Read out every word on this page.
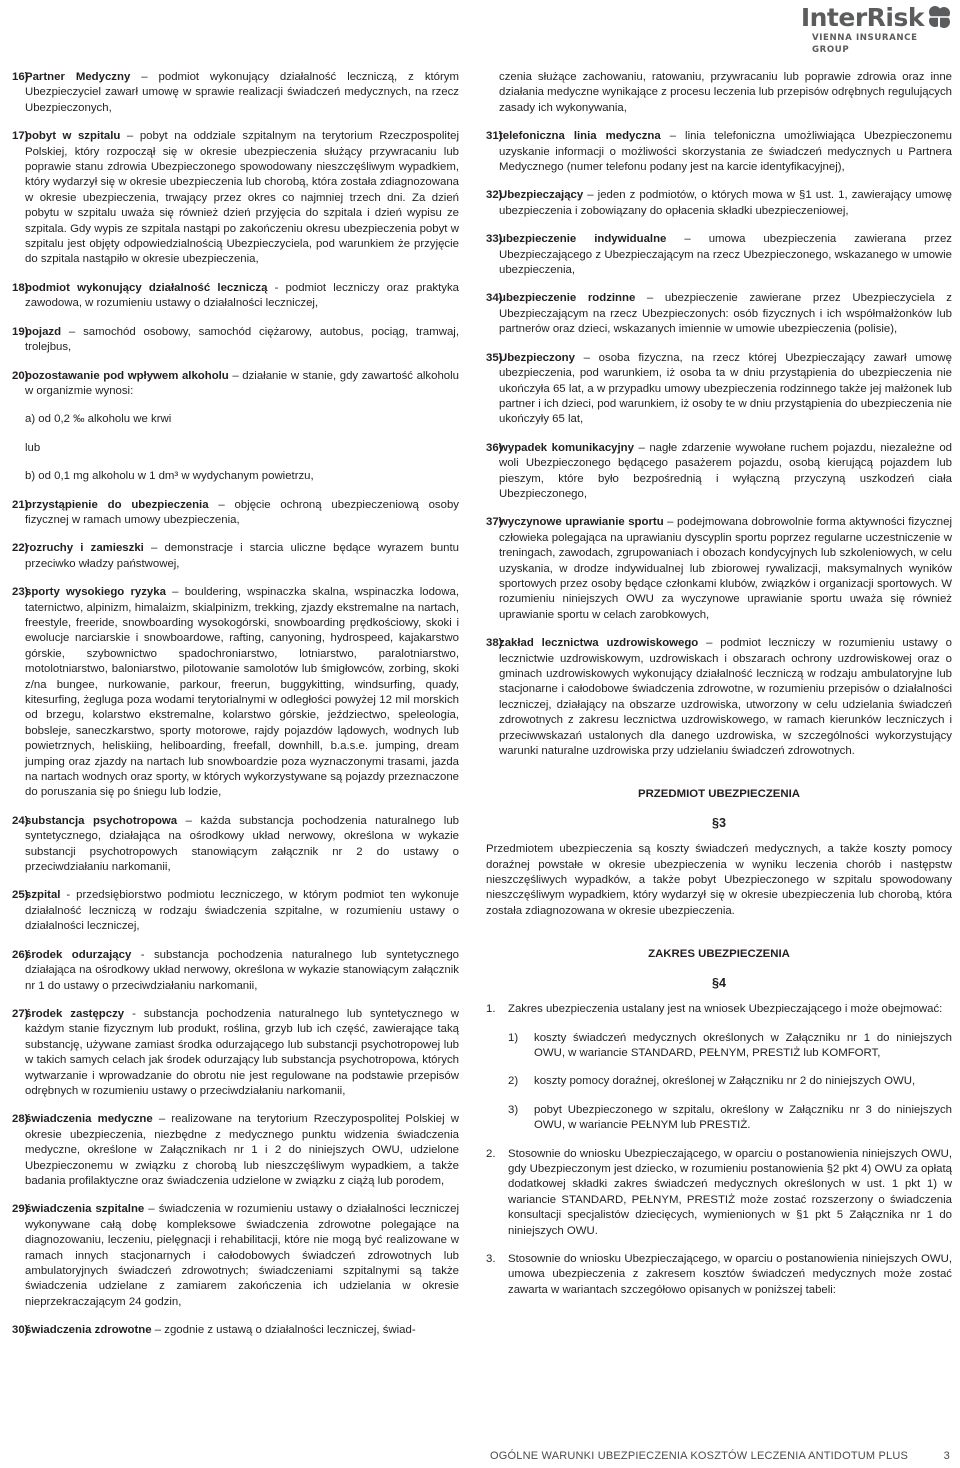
InterRisk
VIENNA INSURANCE GROUP

16)
Partner Medyczny – podmiot wykonujący działalność leczniczą, z którym Ubezpieczyciel zawarł umowę w sprawie realizacji świadczeń medycznych, na rzecz Ubezpieczonych,

17)
pobyt w szpitalu – pobyt na oddziale szpitalnym na terytorium Rzeczpospolitej Polskiej, który rozpoczął się w okresie ubezpieczenia służący przywracaniu lub poprawie stanu zdrowia Ubezpieczonego spowodowany nieszczęśliwym wypadkiem, który wydarzył się w okresie ubezpieczenia lub chorobą, która została zdiagnozowana w okresie ubezpieczenia, trwający przez okres co najmniej trzech dni. Za dzień pobytu w szpitalu uważa się również dzień przyjęcia do szpitala i dzień wypisu ze szpitala. Gdy wypis ze szpitala nastąpi po zakończeniu okresu ubezpieczenia pobyt w szpitalu jest objęty odpowiedzialnością Ubezpieczyciela, pod warunkiem że przyjęcie do szpitala nastąpiło w okresie ubezpieczenia,

18)
podmiot wykonujący działalność leczniczą - podmiot leczniczy oraz praktyka zawodowa, w rozumieniu ustawy o działalności leczniczej,

19)
pojazd – samochód osobowy, samochód ciężarowy, autobus, pociąg, tramwaj, trolejbus,

20)
pozostawanie pod wpływem alkoholu – działanie w stanie, gdy zawartość alkoholu w organizmie wynosi:

a) od 0,2 ‰ alkoholu we krwi

lub

b) od 0,1 mg alkoholu w 1 dm³ w wydychanym powietrzu,

21)
przystąpienie do ubezpieczenia – objęcie ochroną ubezpieczeniową osoby fizycznej w ramach umowy ubezpieczenia,

22)
rozruchy i zamieszki – demonstracje i starcia uliczne będące wyrazem buntu przeciwko władzy państwowej,

23)
sporty wysokiego ryzyka – bouldering, wspinaczka skalna, wspinaczka lodowa, taternictwo, alpinizm, himalaizm, skialpinizm, trekking, zjazdy ekstremalne na nartach, freestyle, freeride, snowboarding wysokogórski, snowboarding prędkościowy, skoki i ewolucje narciarskie i snowboardowe, rafting, canyoning, hydrospeed, kajakarstwo górskie, szybownictwo spadochroniarstwo, lotniarstwo, paralotniarstwo, motolotniarstwo, baloniarstwo, pilotowanie samolotów lub śmigłowców, zorbing, skoki z/na bungee, nurkowanie, parkour, freerun, buggykitting, windsurfing, quady, kitesurfing, żegluga poza wodami terytorialnymi w odległości powyżej 12 mil morskich od brzegu, kolarstwo ekstremalne, kolarstwo górskie, jeździectwo, speleologia, bobsleje, saneczkarstwo, sporty motorowe, rajdy pojazdów lądowych, wodnych lub powietrznych, heliskiing, heliboarding, freefall, downhill, b.a.s.e. jumping, dream jumping oraz zjazdy na nartach lub snowboardzie poza wyznaczonymi trasami, jazda na nartach wodnych oraz sporty, w których wykorzystywane są pojazdy przeznaczone do poruszania się po śniegu lub lodzie,

24)
substancja psychotropowa – każda substancja pochodzenia naturalnego lub syntetycznego, działająca na ośrodkowy układ nerwowy, określona w wykazie substancji psychotropowych stanowiącym załącznik nr 2 do ustawy o przeciwdziałaniu narkomanii,

25)
szpital - przedsiębiorstwo podmiotu leczniczego, w którym podmiot ten wykonuje działalność leczniczą w rodzaju świadczenia szpitalne, w rozumieniu ustawy o działalności leczniczej,

26)
środek odurzający - substancja pochodzenia naturalnego lub syntetycznego działająca na ośrodkowy układ nerwowy, określona w wykazie stanowiącym załącznik nr 1 do ustawy o przeciwdziałaniu narkomanii,

27)
środek zastępczy - substancja pochodzenia naturalnego lub syntetycznego w każdym stanie fizycznym lub produkt, roślina, grzyb lub ich część, zawierające taką substancję, używane zamiast środka odurzającego lub substancji psychotropowej lub w takich samych celach jak środek odurzający lub substancja psychotropowa, których wytwarzanie i wprowadzanie do obrotu nie jest regulowane na podstawie przepisów odrębnych w rozumieniu ustawy o przeciwdziałaniu narkomanii,

28)
świadczenia medyczne – realizowane na terytorium Rzeczypospolitej Polskiej w okresie ubezpieczenia, niezbędne z medycznego punktu widzenia świadczenia medyczne, określone w Załącznikach nr 1 i 2 do niniejszych OWU, udzielone Ubezpieczonemu w związku z chorobą lub nieszczęśliwym wypadkiem, a także badania profilaktyczne oraz świadczenia udzielone w związku z ciążą lub porodem,

29)
świadczenia szpitalne – świadczenia w rozumieniu ustawy o działalności leczniczej wykonywane całą dobę kompleksowe świadczenia zdrowotne polegające na diagnozowaniu, leczeniu, pielęgnacji i rehabilitacji, które nie mogą być realizowane w ramach innych stacjonarnych i całodobowych świadczeń zdrowotnych lub ambulatoryjnych świadczeń zdrowotnych; świadczeniami szpitalnymi są także świadczenia udzielane z zamiarem zakończenia ich udzielania w okresie nieprzekraczającym 24 godzin,

30)
świadczenia zdrowotne – zgodnie z ustawą o działalności leczniczej, świad-

czenia służące zachowaniu, ratowaniu, przywracaniu lub poprawie zdrowia oraz inne działania medyczne wynikające z procesu leczenia lub przepisów odrębnych regulujących zasady ich wykonywania,

31)
telefoniczna linia medyczna – linia telefoniczna umożliwiająca Ubezpieczonemu uzyskanie informacji o możliwości skorzystania ze świadczeń medycznych u Partnera Medycznego (numer telefonu podany jest na karcie identyfikacyjnej),

32)
Ubezpieczający – jeden z podmiotów, o których mowa w §1 ust. 1, zawierający umowę ubezpieczenia i zobowiązany do opłacenia składki ubezpieczeniowej,

33)
ubezpieczenie indywidualne – umowa ubezpieczenia zawierana przez Ubezpieczającego z Ubezpieczającym na rzecz Ubezpieczonego, wskazanego w umowie ubezpieczenia,

34)
ubezpieczenie rodzinne – ubezpieczenie zawierane przez Ubezpieczyciela z Ubezpieczającym na rzecz Ubezpieczonych: osób fizycznych i ich współmałżonków lub partnerów oraz dzieci, wskazanych imiennie w umowie ubezpieczenia (polisie),

35)
Ubezpieczony – osoba fizyczna, na rzecz której Ubezpieczający zawarł umowę ubezpieczenia, pod warunkiem, iż osoba ta w dniu przystąpienia do ubezpieczenia nie ukończyła 65 lat, a w przypadku umowy ubezpieczenia rodzinnego także jej małżonek lub partner i ich dzieci, pod warunkiem, iż osoby te w dniu przystąpienia do ubezpieczenia nie ukończyły 65 lat,

36)
wypadek komunikacyjny – nagłe zdarzenie wywołane ruchem pojazdu, niezależne od woli Ubezpieczonego będącego pasażerem pojazdu, osobą kierującą pojazdem lub pieszym, które było bezpośrednią i wyłączną przyczyną uszkodzeń ciała Ubezpieczonego,

37)
wyczynowe uprawianie sportu – podejmowana dobrowolnie forma aktywności fizycznej człowieka polegająca na uprawianiu dyscyplin sportu poprzez regularne uczestniczenie w treningach, zawodach, zgrupowaniach i obozach kondycyjnych lub szkoleniowych, w celu uzyskania, w drodze indywidualnej lub zbiorowej rywalizacji, maksymalnych wyników sportowych przez osoby będące członkami klubów, związków i organizacji sportowych. W rozumieniu niniejszych OWU za wyczynowe uprawianie sportu uważa się również uprawianie sportu w celach zarobkowych,

38)
zakład lecznictwa uzdrowiskowego – podmiot leczniczy w rozumieniu ustawy o lecznictwie uzdrowiskowym, uzdrowiskach i obszarach ochrony uzdrowiskowej oraz o gminach uzdrowiskowych wykonujący działalność leczniczą w rodzaju ambulatoryjne lub stacjonarne i całodobowe świadczenia zdrowotne, w rozumieniu przepisów o działalności leczniczej, działający na obszarze uzdrowiska, utworzony w celu udzielania świadczeń zdrowotnych z zakresu lecznictwa uzdrowiskowego, w ramach kierunków leczniczych i przeciwwskazań ustalonych dla danego uzdrowiska, w szczególności wykorzystujący warunki naturalne uzdrowiska przy udzielaniu świadczeń zdrowotnych.

PRZEDMIOT UBEZPIECZENIA

§3

Przedmiotem ubezpieczenia są koszty świadczeń medycznych, a także koszty pomocy doraźnej powstałe w okresie ubezpieczenia w wyniku leczenia chorób i następstw nieszczęśliwych wypadków, a także pobyt Ubezpieczonego w szpitalu spowodowany nieszczęśliwym wypadkiem, który wydarzył się w okresie ubezpieczenia lub chorobą, która została zdiagnozowana w okresie ubezpieczenia.

ZAKRES UBEZPIECZENIA

§4

1. Zakres ubezpieczenia ustalany jest na wniosek Ubezpieczającego i może obejmować:
1) koszty świadczeń medycznych określonych w Załączniku nr 1 do niniejszych OWU, w wariancie STANDARD, PEŁNYM, PRESTIŻ lub KOMFORT,
2) koszty pomocy doraźnej, określonej w Załączniku nr 2 do niniejszych OWU,
3) pobyt Ubezpieczonego w szpitalu, określony w Załączniku nr 3 do niniejszych OWU, w wariancie PEŁNYM lub PRESTIŻ.
2. Stosownie do wniosku Ubezpieczającego, w oparciu o postanowienia niniejszych OWU, gdy Ubezpieczonym jest dziecko, w rozumieniu postanowienia §2 pkt 4) OWU za opłatą dodatkowej składki zakres świadczeń medycznych określonych w ust. 1 pkt 1) w wariancie STANDARD, PEŁNYM, PRESTIŻ może zostać rozszerzony o świadczenia konsultacji specjalistów dziecięcych, wymienionych w §1 pkt 5 Załącznika nr 1 do niniejszych OWU.
3. Stosownie do wniosku Ubezpieczającego, w oparciu o postanowienia niniejszych OWU, umowa ubezpieczenia z zakresem kosztów świadczeń medycznych może zostać zawarta w wariantach szczegółowo opisanych w poniższej tabeli:
OGÓLNE WARUNKI UBEZPIECZENIA KOSZTÓW LECZENIA ANTIDOTUM PLUS	3
